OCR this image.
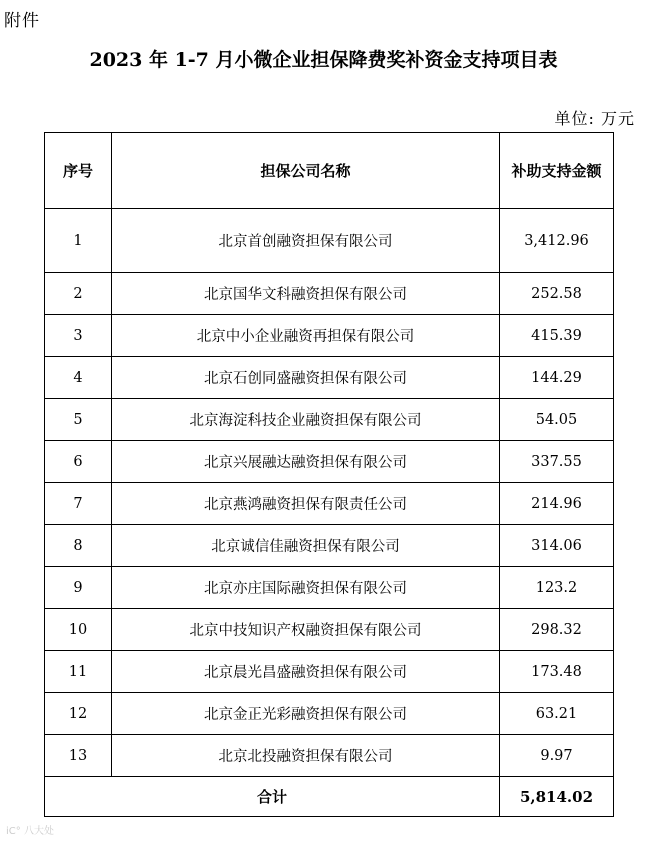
附件
2023 年 1-7 月小微企业担保降费奖补资金支持项目表
单位: 万元
序号	担保公司名称	补助支持金额
1	北京首创融资担保有限公司	3,412.96
2	北京国华文科融资担保有限公司	252.58
3	北京中小企业融资再担保有限公司	415.39
4	北京石创同盛融资担保有限公司	144.29
5	北京海淀科技企业融资担保有限公司	54.05
6	北京兴展融达融资担保有限公司	337.55
7	北京燕鸿融资担保有限责任公司	214.96
8	北京诚信佳融资担保有限公司	314.06
9	北京亦庄国际融资担保有限公司	123.2
10	北京中技知识产权融资担保有限公司	298.32
11	北京晨光昌盛融资担保有限公司	173.48
12	北京金正光彩融资担保有限公司	63.21
13	北京北投融资担保有限公司	9.97
合计		5,814.02
iC° 八大处
